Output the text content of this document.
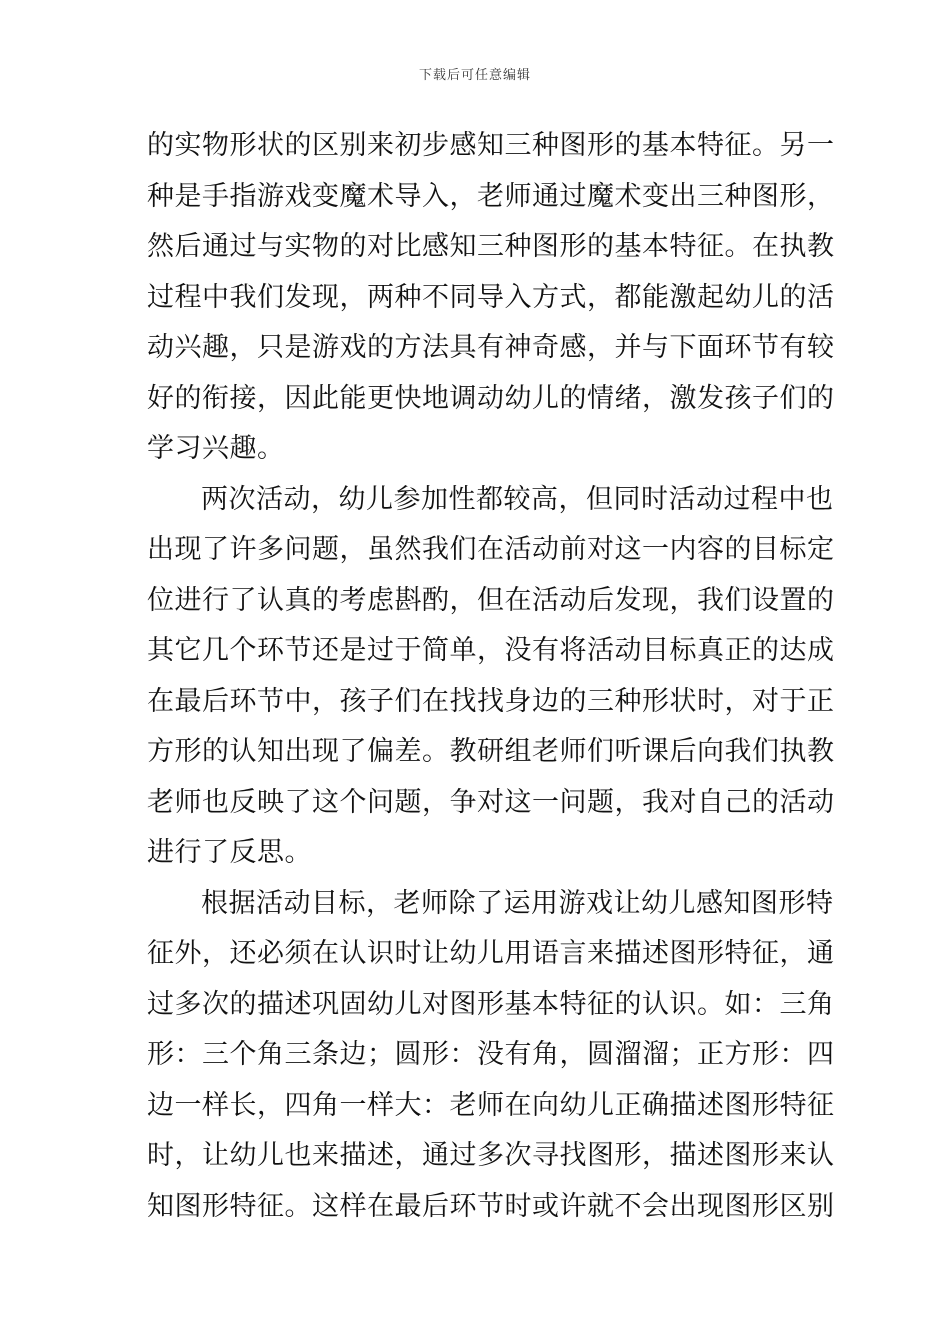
下载后可任意编辑
的实物形状的区别来初步感知三种图形的基本特征。另一
种是手指游戏变魔术导入，老师通过魔术变出三种图形，
然后通过与实物的对比感知三种图形的基本特征。在执教
过程中我们发现，两种不同导入方式，都能激起幼儿的活
动兴趣，只是游戏的方法具有神奇感，并与下面环节有较
好的衔接，因此能更快地调动幼儿的情绪，激发孩子们的
学习兴趣。
两次活动，幼儿参加性都较高，但同时活动过程中也
出现了许多问题，虽然我们在活动前对这一内容的目标定
位进行了认真的考虑斟酌，但在活动后发现，我们设置的
其它几个环节还是过于简单，没有将活动目标真正的达成
在最后环节中，孩子们在找找身边的三种形状时，对于正
方形的认知出现了偏差。教研组老师们听课后向我们执教
老师也反映了这个问题，争对这一问题，我对自己的活动
进行了反思。
根据活动目标，老师除了运用游戏让幼儿感知图形特
征外，还必须在认识时让幼儿用语言来描述图形特征，通
过多次的描述巩固幼儿对图形基本特征的认识。如：三角
形：三个角三条边；圆形：没有角，圆溜溜；正方形：四
边一样长，四角一样大：老师在向幼儿正确描述图形特征
时，让幼儿也来描述，通过多次寻找图形，描述图形来认
知图形特征。这样在最后环节时或许就不会出现图形区别
